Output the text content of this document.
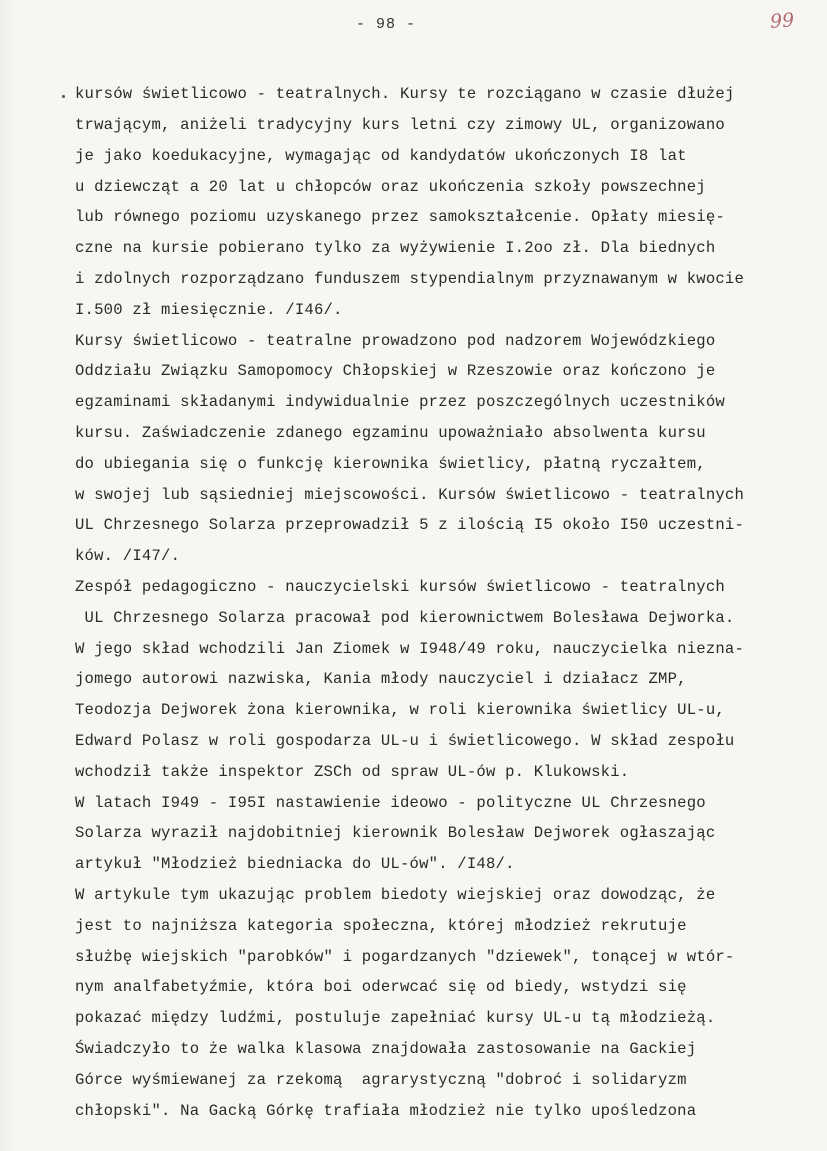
- 98 -	99
kursów świetlicowo - teatralnych. Kursy te rozciągano w czasie dłużej
trwającym, aniżeli tradycyjny kurs letni czy zimowy UL, organizowano
je jako koedukacyjne, wymagając od kandydatów ukończonych I8 lat
u dziewcząt a 20 lat u chłopców oraz ukończenia szkoły powszechnej
lub równego poziomu uzyskanego przez samokształcenie. Opłaty miesię-
czne na kursie pobierano tylko za wyżywienie I.2oo zł. Dla biednych
i zdolnych rozporządzano funduszem stypendialnym przyznawanym w kwocie
I.500 zł miesięcznie. /I46/.
Kursy świetlicowo - teatralne prowadzono pod nadzorem Wojewódzkiego
Oddziału Związku Samopomocy Chłopskiej w Rzeszowie oraz kończono je
egzaminami składanymi indywidualnie przez poszczególnych uczestników
kursu. Zaświadczenie zdanego egzaminu upoważniało absolwenta kursu
do ubiegania się o funkcję kierownika świetlicy, płatną ryczałtem,
w swojej lub sąsiedniej miejscowości. Kursów świetlicowo - teatralnych
UL Chrzesnego Solarza przeprowadził 5 z ilością I5 około I50 uczestni-
ków. /I47/.
Zespół pedagogiczno - nauczycielski kursów świetlicowo - teatralnych
UL Chrzesnego Solarza pracował pod kierownictwem Bolesława Dejworka.
W jego skład wchodzili Jan Ziomek w I948/49 roku, nauczycielka niezna-
jomego autorowi nazwiska, Kania młody nauczyciel i działacz ZMP,
Teodozja Dejworek żona kierownika, w roli kierownika świetlicy UL-u,
Edward Polasz w roli gospodarza UL-u i świetlicowego. W skład zespołu
wchodził także inspektor ZSCh od spraw UL-ów p. Klukowski.
W latach I949 - I95I nastawienie ideowo - polityczne UL Chrzesnego
Solarza wyraził najdobitniej kierownik Bolesław Dejworek ogłaszając
artykuł "Młodzież biedniacka do UL-ów". /I48/.
W artykule tym ukazując problem biedoty wiejskiej oraz dowodząc, że
jest to najniższa kategoria społeczna, której młodzież rekrutuje
służbę wiejskich "parobków" i pogardzanych "dziewek", tonącej w wtór-
nym analfabetyźmie, która boi oderwcać się od biedy, wstydzi się
pokazać między ludźmi, postuluje zapełniać kursy UL-u tą młodzieżą.
Świadczyło to że walka klasowa znajdowała zastosowanie na Gackiej
Górce wyśmiewanej za rzekomą  agrarystyczną "dobroć i solidaryzm
chłopski". Na Gacką Górkę trafiała młodzież nie tylko upośledzona
